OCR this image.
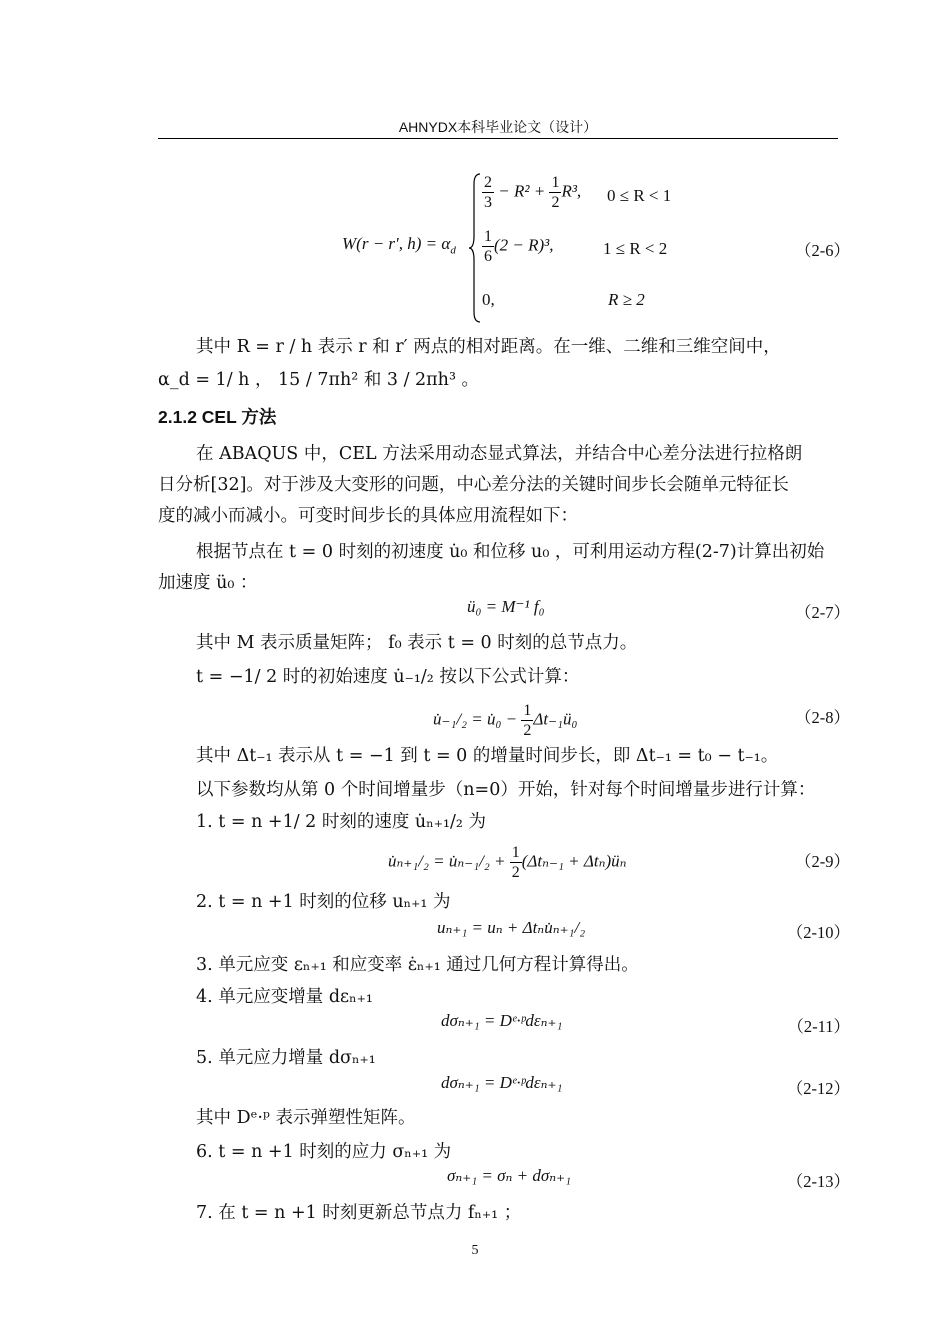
AHNYDX本科毕业论文（设计）
W(r − r′, $h) = \alpha_d$
$\frac{2}{3} - R^2 + \frac{1}{2} R^3$, 0 ≤ R < 1
$\frac{1}{6} (2 - R)^3$,	1 ≤ R < 2
0,	R ≥ 2
（2-6）
其中 R = r / h 表示 r 和 r′ 两点的相对距离。在一维、二维和三维空间中，
α_d = 1/ h ， 15 / 7πh² 和 3 / 2πh³ 。
2.1.2 CEL 方法
在 ABAQUS 中，CEL 方法采用动态显式算法，并结合中心差分法进行拉格朗
日分析[32]。对于涉及大变形的问题，中心差分法的关键时间步长会随单元特征长
度的减小而减小。可变时间步长的具体应用流程如下：
根据节点在 t = 0 时刻的初速度 u̇₀ 和位移 u₀ ，可利用运动方程(2-7)计算出初始
加速度 ü₀ ：
ü₀ = M⁻¹ f₀	（2-7）
其中 M 表示质量矩阵； f₀ 表示 t = 0 时刻的总节点力。
t = −1/ 2 时的初始速度 u̇₋₁/₂ 按以下公式计算：
u̇₋₁/₂ = u̇₀ − $\frac{1}{2}$ Δt₋₁ü₀	（2-8）
其中 Δt₋₁ 表示从 t = −1 到 t = 0 的增量时间步长，即 Δt₋₁ = t₀ − t₋₁。
以下参数均从第 0 个时间增量步（n=0）开始，针对每个时间增量步进行计算：
1. t = n +1/ 2 时刻的速度 u̇ₙ₊₁/₂ 为
u̇ₙ₊₁/₂ = u̇ₙ₋₁/₂ + $\frac{1}{2} (\Delta t_{n-1}$ + Δtₙ)üₙ	（2-9）
2. t = n +1 时刻的位移 uₙ₊₁ 为
uₙ₊₁ = uₙ + Δtₙu̇ₙ₊₁/₂	（2-10）
3. 单元应变 εₙ₊₁ 和应变率 ε̇ₙ₊₁ 通过几何方程计算得出。
4. 单元应变增量 dεₙ₊₁
dσₙ₊₁ = Dᵉ·ᵖdεₙ₊₁	（2-11）
5. 单元应力增量 dσₙ₊₁
dσₙ₊₁ = Dᵉ·ᵖdεₙ₊₁	（2-12）
其中 Dᵉ·ᵖ 表示弹塑性矩阵。
6. t = n +1 时刻的应力 σₙ₊₁ 为
σₙ₊₁ = σₙ + dσₙ₊₁	（2-13）
7. 在 t = n +1 时刻更新总节点力 fₙ₊₁ ；
5
